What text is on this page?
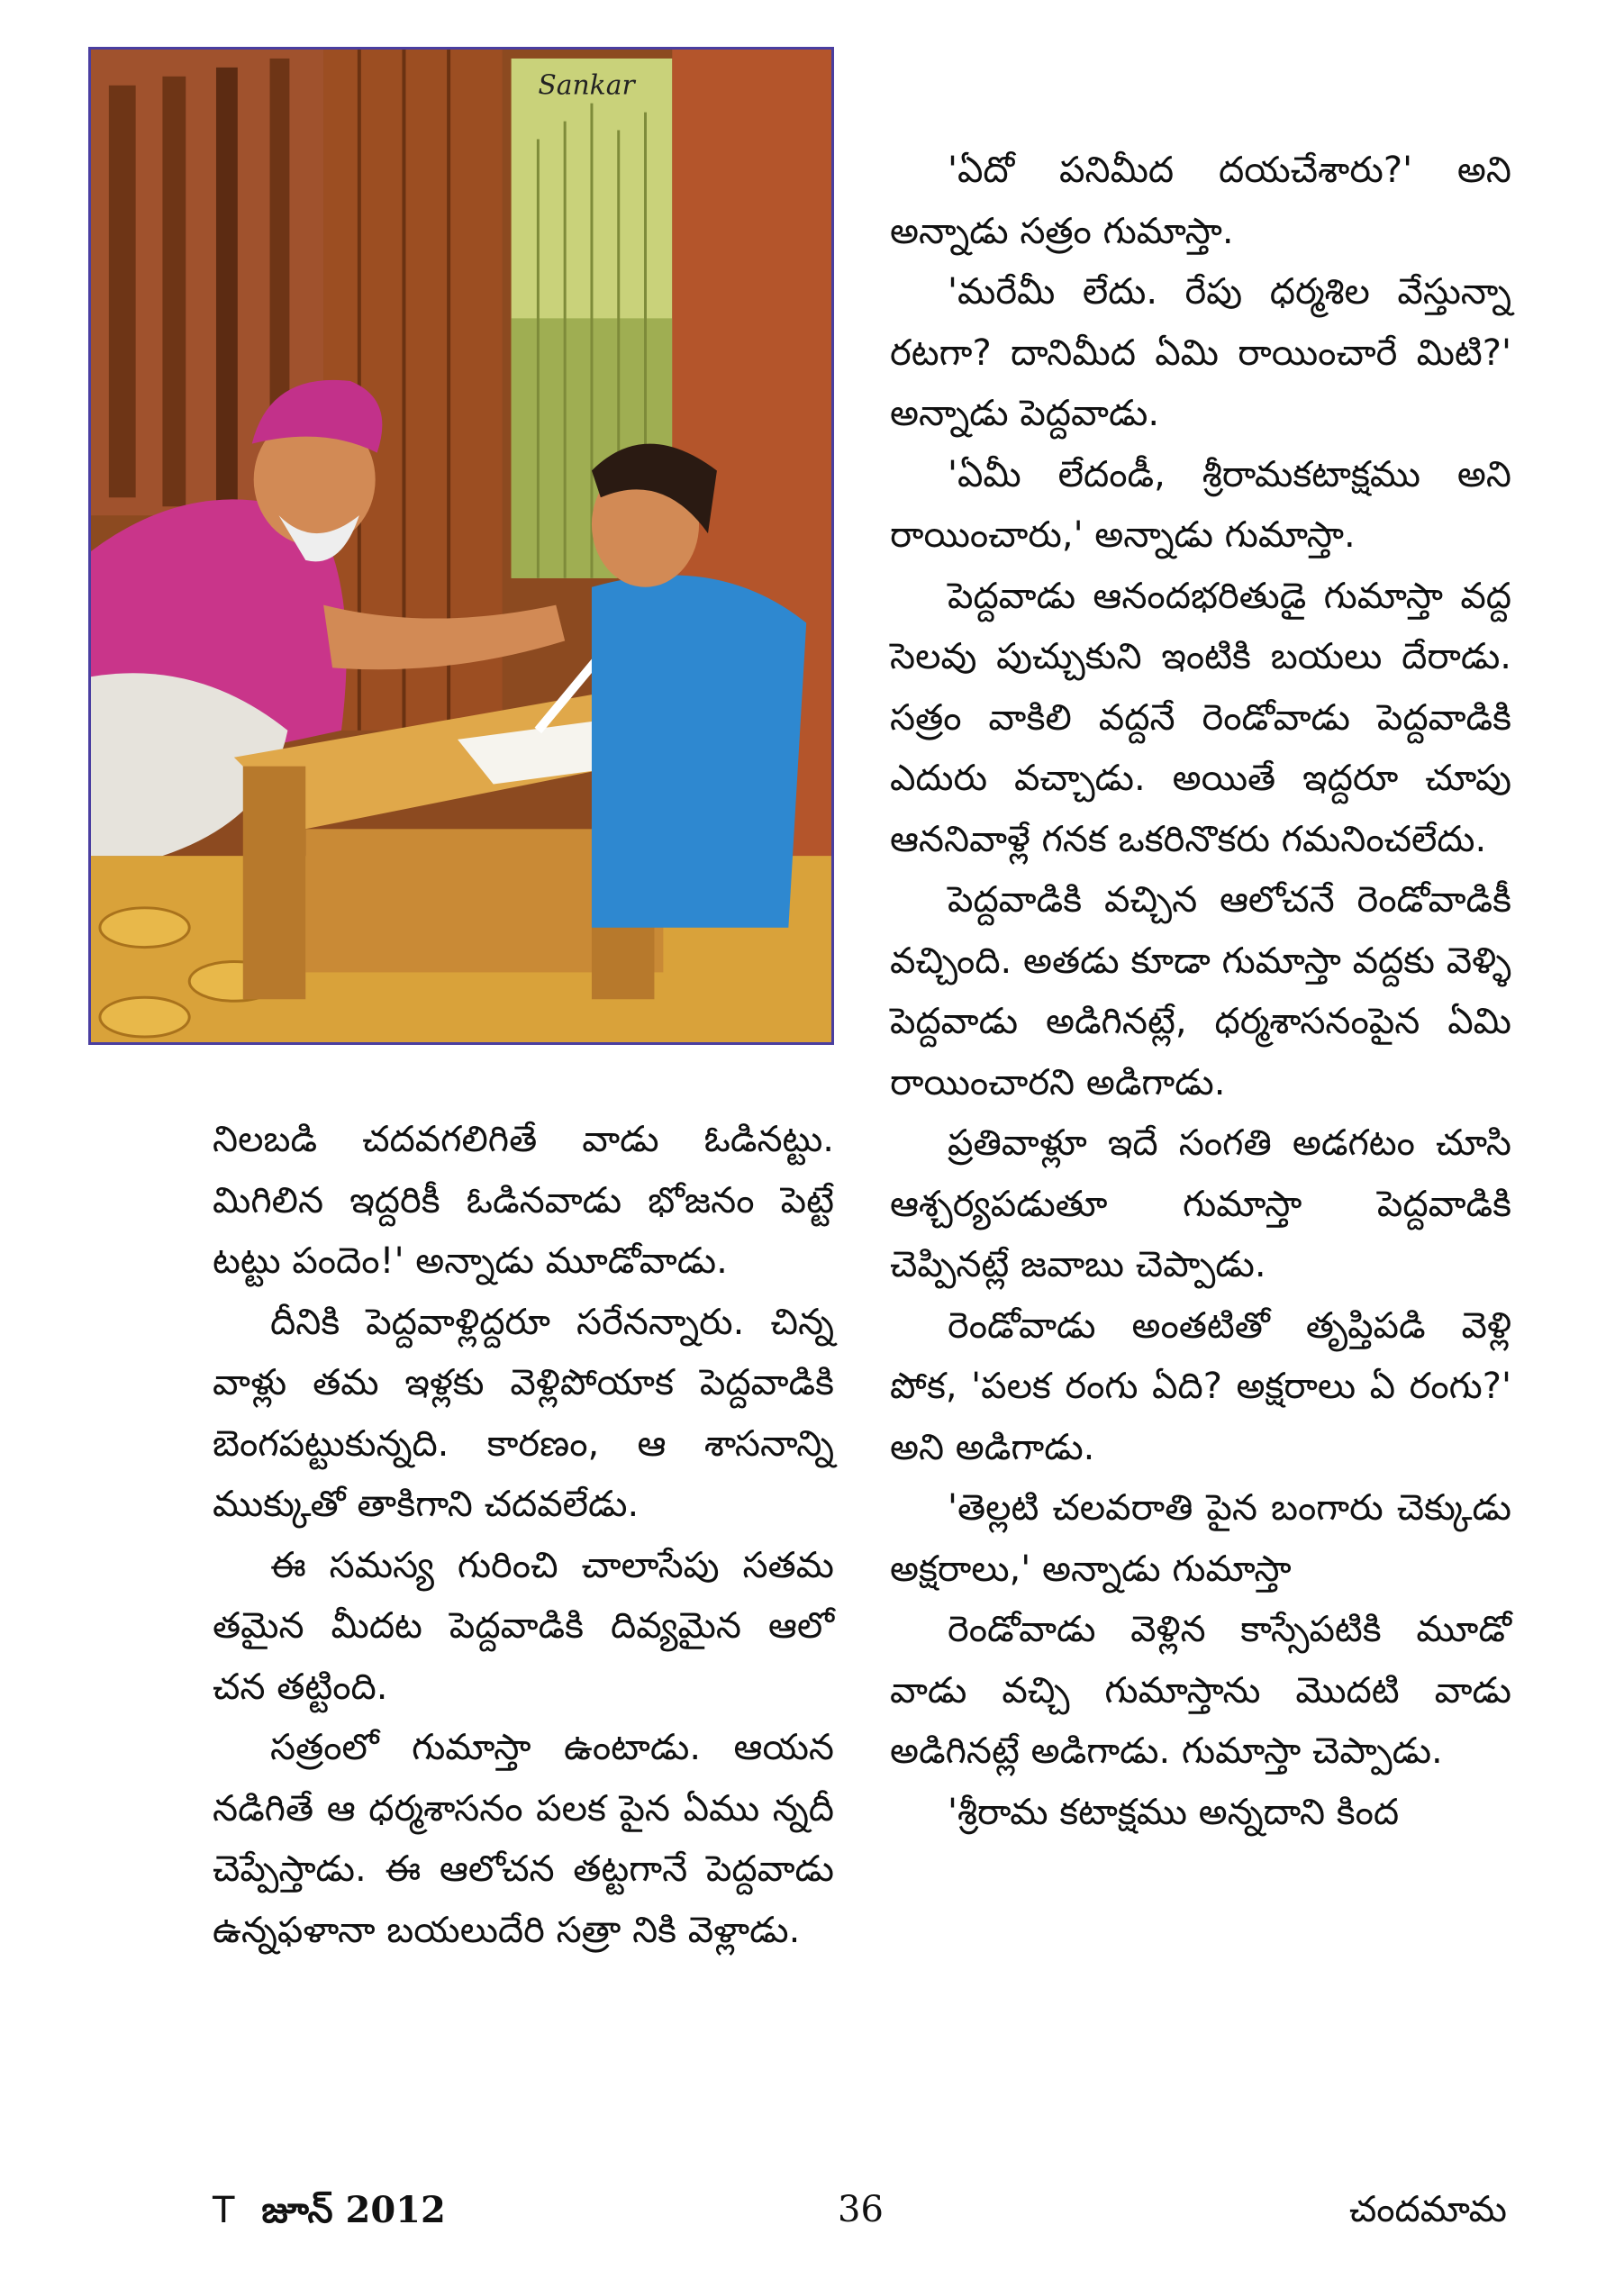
Sankar

నిలబడి చదవగలిగితే వాడు ఓడినట్టు. మిగిలిన ఇద్దరికీ ఓడినవాడు భోజనం పెట్టే టట్టు పందెం!' అన్నాడు మూడోవాడు.

దీనికి పెద్దవాళ్లిద్దరూ సరేనన్నారు. చిన్న వాళ్లు తమ ఇళ్లకు వెళ్లిపోయాక పెద్దవాడికి బెంగపట్టుకున్నది. కారణం, ఆ శాసనాన్ని ముక్కుతో తాకిగాని చదవలేడు.

ఈ సమస్య గురించి చాలాసేపు సతమ తమైన మీదట పెద్దవాడికి దివ్యమైన ఆలో చన తట్టింది.

సత్రంలో గుమాస్తా ఉంటాడు. ఆయన నడిగితే ఆ ధర్మశాసనం పలక పైన ఏము న్నదీ చెప్పేస్తాడు. ఈ ఆలోచన తట్టగానే పెద్దవాడు ఉన్నఫళానా బయలుదేరి సత్రా నికి వెళ్లాడు.

'ఏదో పనిమీద దయచేశారు?' అని అన్నాడు సత్రం గుమాస్తా.

'మరేమీ లేదు. రేపు ధర్మశిల వేస్తున్నా రటగా? దానిమీద ఏమి రాయించారే మిటి?' అన్నాడు పెద్దవాడు.

'ఏమీ లేదండీ, శ్రీరామకటాక్షము అని రాయించారు,' అన్నాడు గుమాస్తా.

పెద్దవాడు ఆనందభరితుడై గుమాస్తా వద్ద సెలవు పుచ్చుకుని ఇంటికి బయలు దేరాడు. సత్రం వాకిలి వద్దనే రెండోవాడు పెద్దవాడికి ఎదురు వచ్చాడు. అయితే ఇద్దరూ చూపు ఆననివాళ్లే గనక ఒకరినొకరు గమనించలేదు.

పెద్దవాడికి వచ్చిన ఆలోచనే రెండోవాడికీ వచ్చింది. అతడు కూడా గుమాస్తా వద్దకు వెళ్ళి పెద్దవాడు అడిగినట్లే, ధర్మశాసనంపైన ఏమి రాయించారని అడిగాడు.

ప్రతివాళ్లూ ఇదే సంగతి అడగటం చూసి ఆశ్చర్యపడుతూ గుమాస్తా పెద్దవాడికి చెప్పినట్లే జవాబు చెప్పాడు.

రెండోవాడు అంతటితో తృప్తిపడి వెళ్లి పోక, 'పలక రంగు ఏది? అక్షరాలు ఏ రంగు?' అని అడిగాడు.

'తెల్లటి చలవరాతి పైన బంగారు చెక్కుడు అక్షరాలు,' అన్నాడు గుమాస్తా

రెండోవాడు వెళ్లిన కాస్సేపటికి మూడో వాడు వచ్చి గుమాస్తాను మొదటి వాడు అడిగినట్లే అడిగాడు. గుమాస్తా చెప్పాడు.

'శ్రీరామ కటాక్షము అన్నదాని కింద

T జూన్ 2012	36	చందమామ
